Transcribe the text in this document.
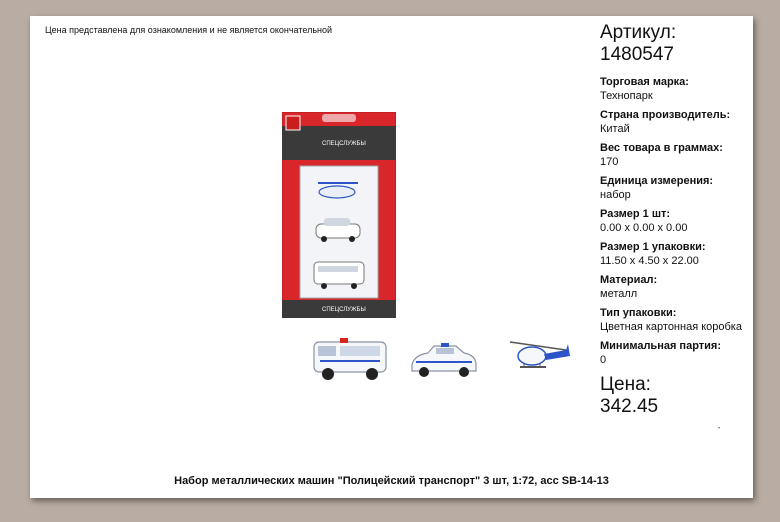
Цена представлена для ознакомления и не является окончательной
СПЕЦСЛУЖБЫ
СПЕЦСЛУЖБЫ
Артикул:
1480547
Торговая марка:
Технопарк
Страна производитель:
Китай
Вес товара в граммах:
170
Единица измерения:
набор
Размер 1 шт:
0.00 x 0.00 x 0.00
Размер 1 упаковки:
11.50 x 4.50 x 22.00
Материал:
металл
Тип упаковки:
Цветная картонная коробка
Минимальная партия:
0
Цена:
342.45
•
Набор металлических машин "Полицейский транспорт" 3 шт, 1:72, асс SB-14-13
